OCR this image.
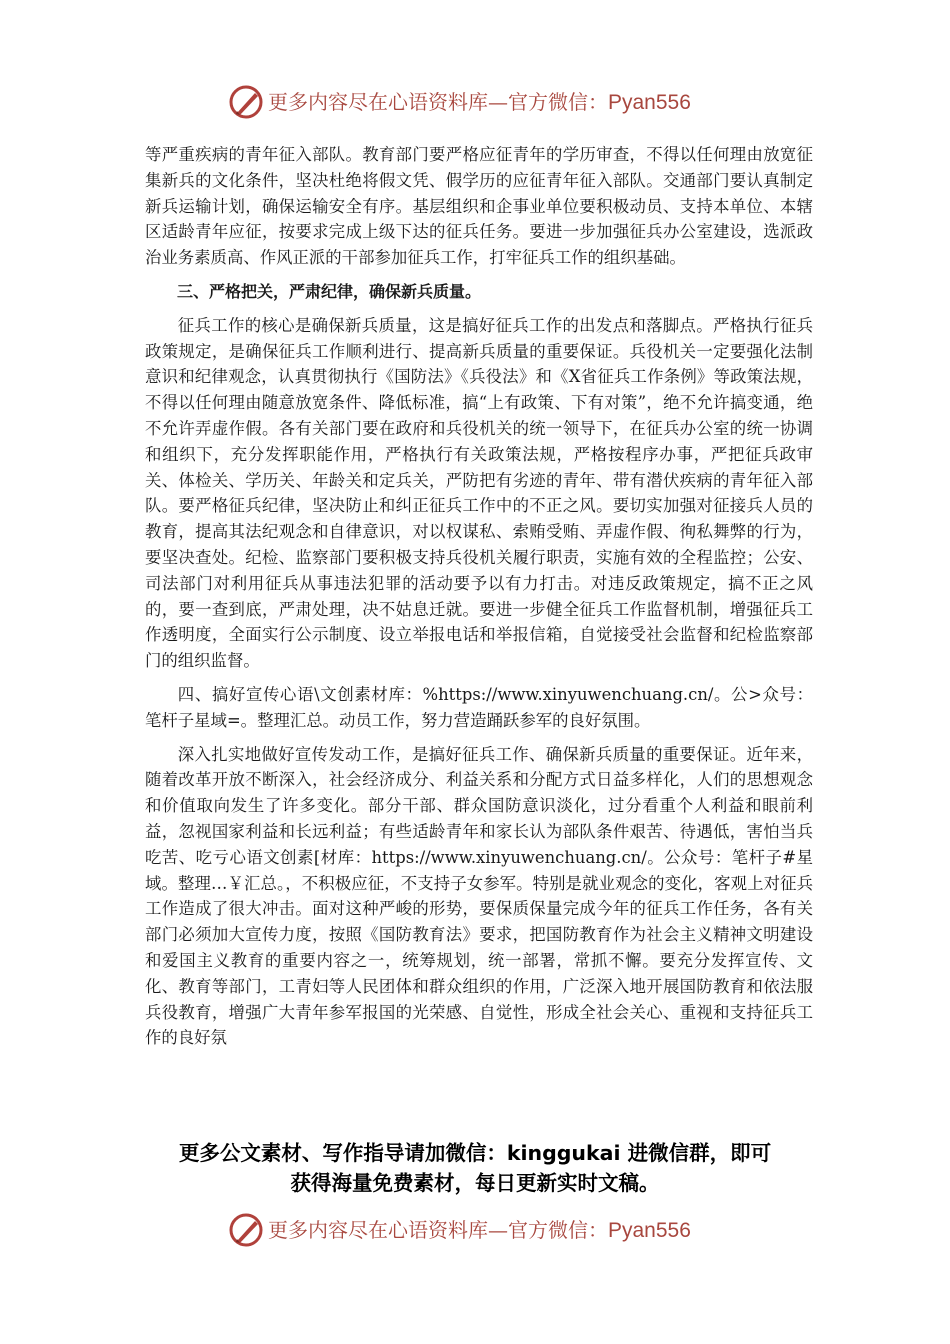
更多内容尽在心语资料库—官方微信：Pyan556

等严重疾病的青年征入部队。教育部门要严格应征青年的学历审查，不得以任何理由放宽征集新兵的文化条件，坚决杜绝将假文凭、假学历的应征青年征入部队。交通部门要认真制定新兵运输计划，确保运输安全有序。基层组织和企事业单位要积极动员、支持本单位、本辖区适龄青年应征，按要求完成上级下达的征兵任务。要进一步加强征兵办公室建设，选派政治业务素质高、作风正派的干部参加征兵工作，打牢征兵工作的组织基础。

三、严格把关，严肃纪律，确保新兵质量。

征兵工作的核心是确保新兵质量，这是搞好征兵工作的出发点和落脚点。严格执行征兵政策规定，是确保征兵工作顺利进行、提高新兵质量的重要保证。兵役机关一定要强化法制意识和纪律观念，认真贯彻执行《国防法》《兵役法》和《X省征兵工作条例》等政策法规，不得以任何理由随意放宽条件、降低标准，搞“上有政策、下有对策”，绝不允许搞变通，绝不允许弄虚作假。各有关部门要在政府和兵役机关的统一领导下，在征兵办公室的统一协调和组织下，充分发挥职能作用，严格执行有关政策法规，严格按程序办事，严把征兵政审关、体检关、学历关、年龄关和定兵关，严防把有劣迹的青年、带有潜伏疾病的青年征入部队。要严格征兵纪律，坚决防止和纠正征兵工作中的不正之风。要切实加强对征接兵人员的教育，提高其法纪观念和自律意识，对以权谋私、索贿受贿、弄虚作假、徇私舞弊的行为，要坚决查处。纪检、监察部门要积极支持兵役机关履行职责，实施有效的全程监控；公安、司法部门对利用征兵从事违法犯罪的活动要予以有力打击。对违反政策规定，搞不正之风的，要一查到底，严肃处理，决不姑息迁就。要进一步健全征兵工作监督机制，增强征兵工作透明度，全面实行公示制度、设立举报电话和举报信箱，自觉接受社会监督和纪检监察部门的组织监督。

四、搞好宣传心语\文创素材库：%https://www.xinyuwenchuang.cn/。公>众号：笔杆子星域=。整理汇总。动员工作，努力营造踊跃参军的良好氛围。

深入扎实地做好宣传发动工作，是搞好征兵工作、确保新兵质量的重要保证。近年来，随着改革开放不断深入，社会经济成分、利益关系和分配方式日益多样化，人们的思想观念和价值取向发生了许多变化。部分干部、群众国防意识淡化，过分看重个人利益和眼前利益，忽视国家利益和长远利益；有些适龄青年和家长认为部队条件艰苦、待遇低，害怕当兵吃苦、吃亏心语文创素[材库：https://www.xinyuwenchuang.cn/。公众号：笔杆子#星域。整理…￥汇总。，不积极应征，不支持子女参军。特别是就业观念的变化，客观上对征兵工作造成了很大冲击。面对这种严峻的形势，要保质保量完成今年的征兵工作任务，各有关部门必须加大宣传力度，按照《国防教育法》要求，把国防教育作为社会主义精神文明建设和爱国主义教育的重要内容之一，统筹规划，统一部署，常抓不懈。要充分发挥宣传、文化、教育等部门，工青妇等人民团体和群众组织的作用，广泛深入地开展国防教育和依法服兵役教育，增强广大青年参军报国的光荣感、自觉性，形成全社会关心、重视和支持征兵工作的良好氛

更多公文素材、写作指导请加微信：kinggukai 进微信群，即可
获得海量免费素材，每日更新实时文稿。
更多内容尽在心语资料库—官方微信：Pyan556
